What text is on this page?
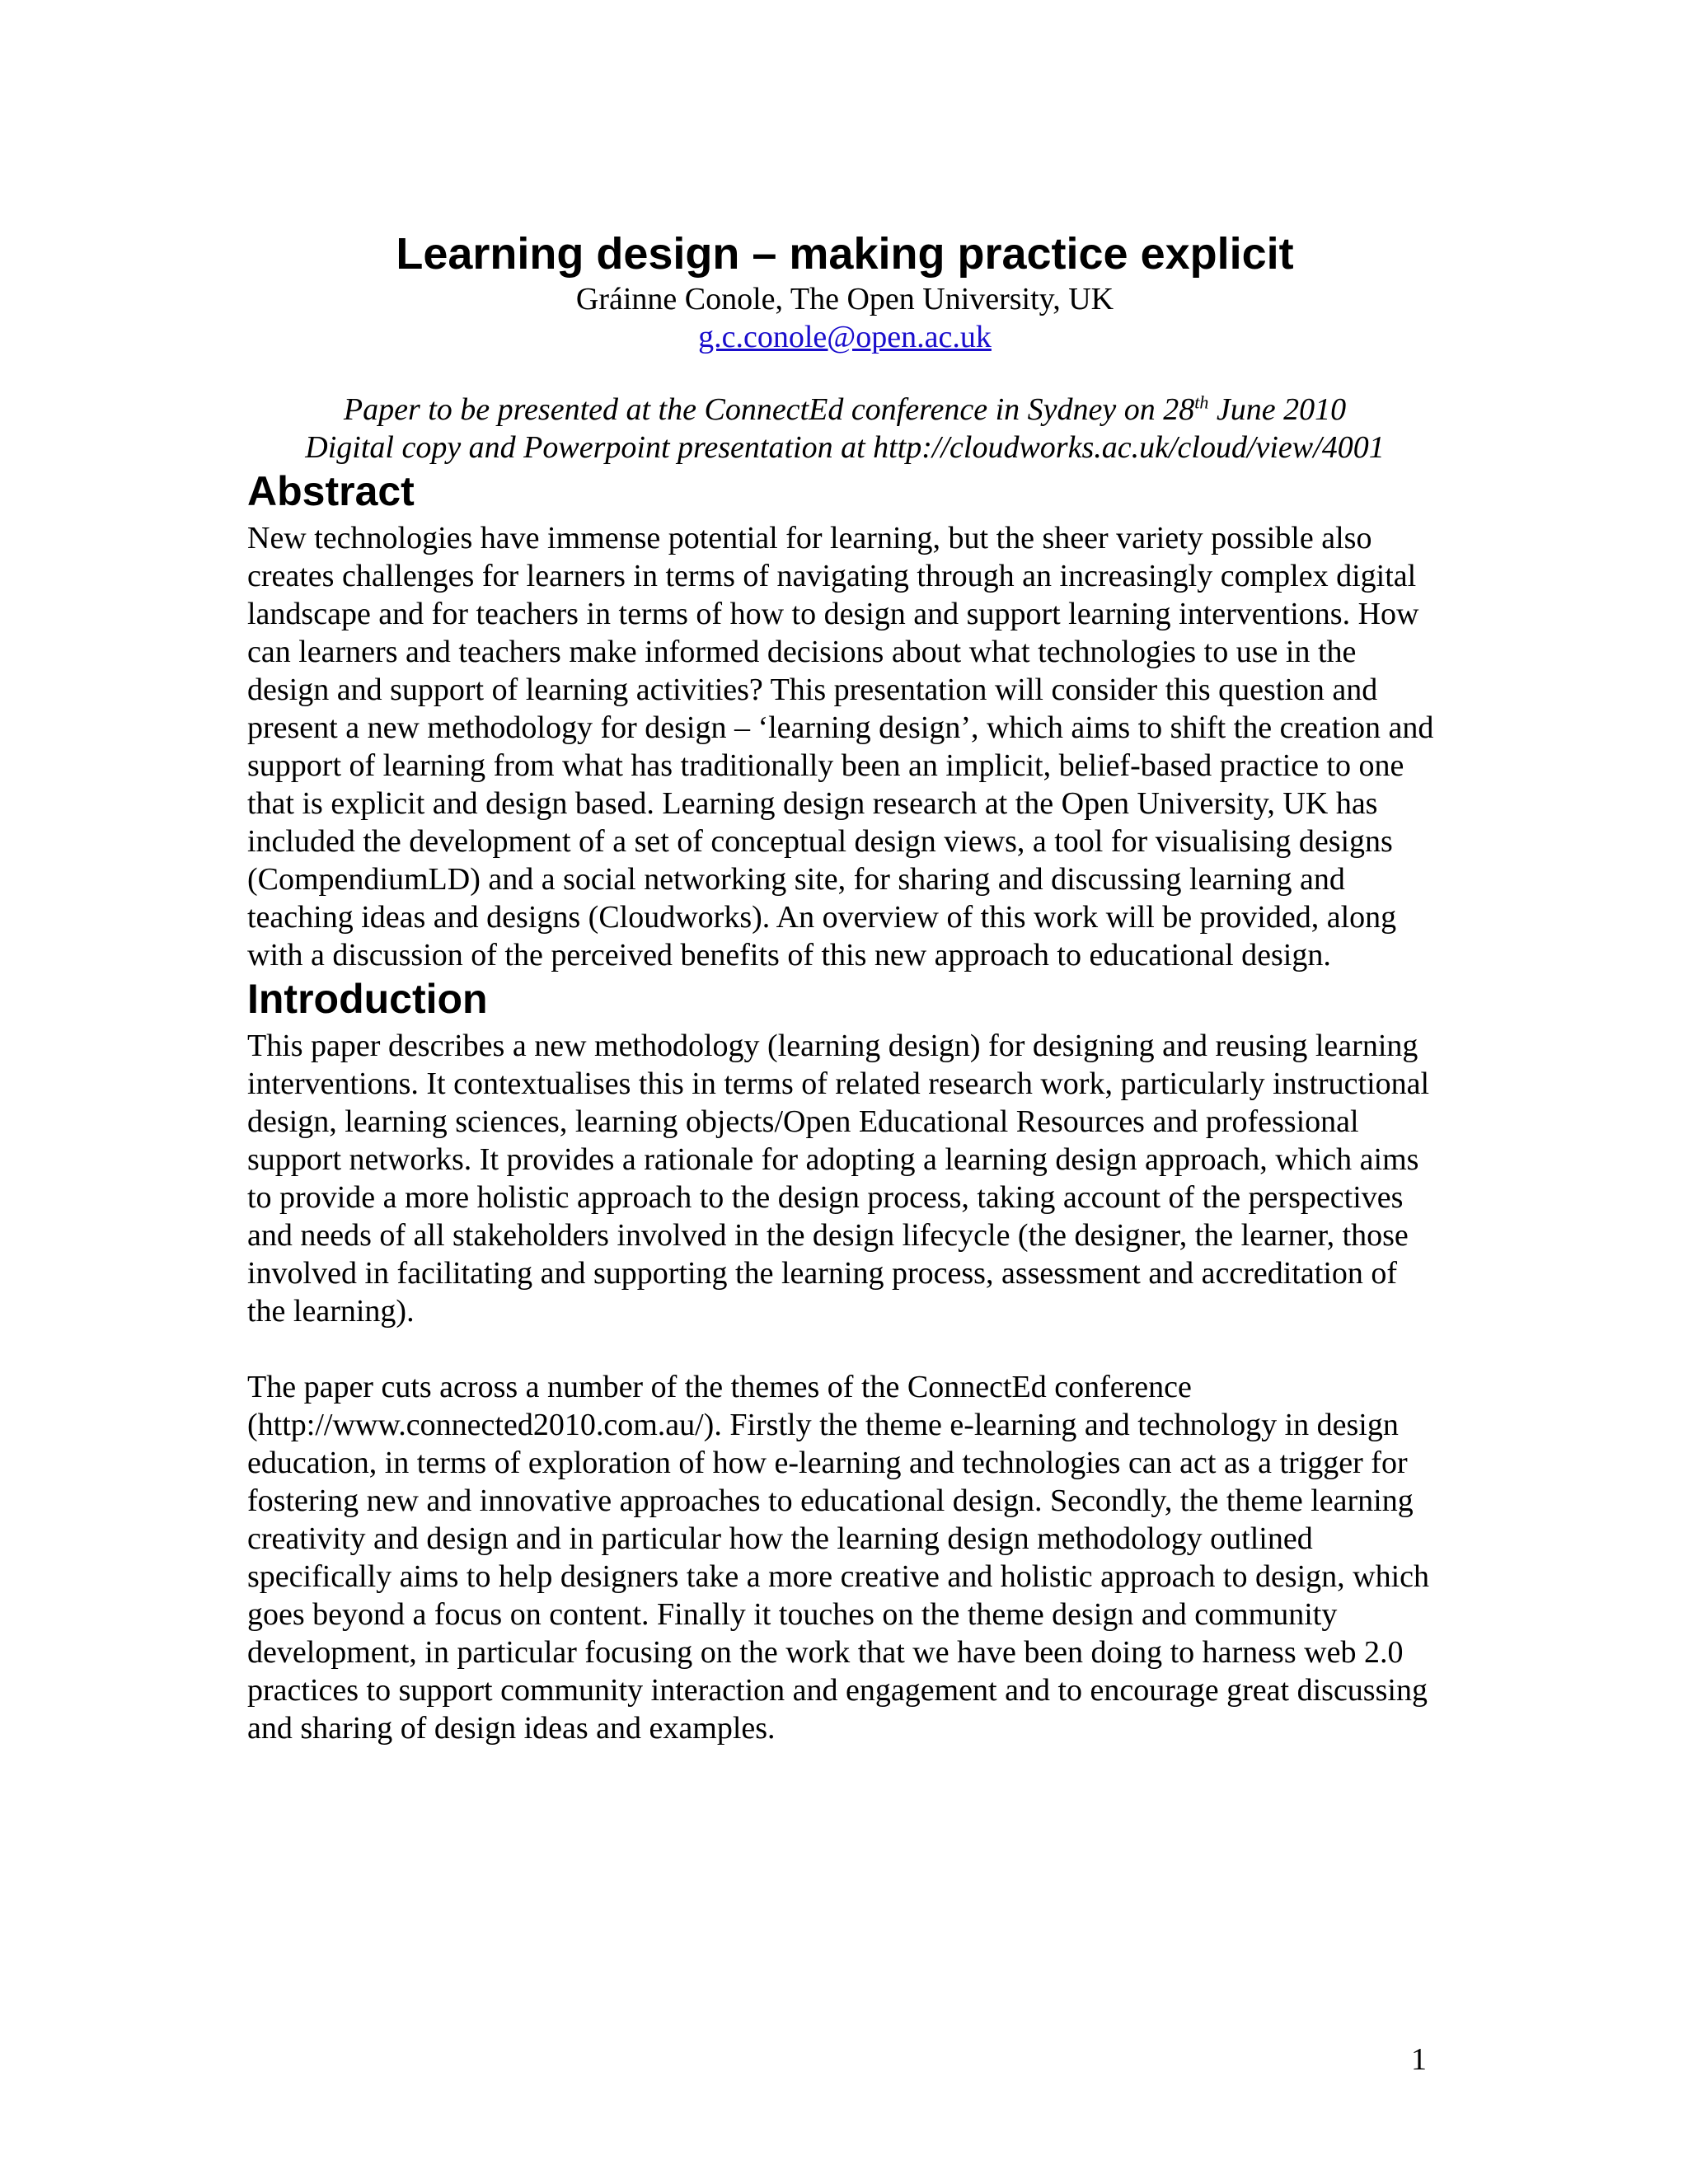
Learning design – making practice explicit

Gráinne Conole, The Open University, UK

g.c.conole@open.ac.uk

Paper to be presented at the ConnectEd conference in Sydney on 28th June 2010

Digital copy and Powerpoint presentation at http://cloudworks.ac.uk/cloud/view/4001

Abstract

New technologies have immense potential for learning, but the sheer variety possible also creates challenges for learners in terms of navigating through an increasingly complex digital landscape and for teachers in terms of how to design and support learning interventions. How can learners and teachers make informed decisions about what technologies to use in the design and support of learning activities? This presentation will consider this question and present a new methodology for design – ‘learning design’, which aims to shift the creation and support of learning from what has traditionally been an implicit, belief-based practice to one that is explicit and design based. Learning design research at the Open University, UK has included the development of a set of conceptual design views, a tool for visualising designs (CompendiumLD) and a social networking site, for sharing and discussing learning and teaching ideas and designs (Cloudworks). An overview of this work will be provided, along with a discussion of the perceived benefits of this new approach to educational design.

Introduction

This paper describes a new methodology (learning design) for designing and reusing learning interventions. It contextualises this in terms of related research work, particularly instructional design, learning sciences, learning objects/Open Educational Resources and professional support networks. It provides a rationale for adopting a learning design approach, which aims to provide a more holistic approach to the design process, taking account of the perspectives and needs of all stakeholders involved in the design lifecycle (the designer, the learner, those involved in facilitating and supporting the learning process, assessment and accreditation of the learning).

The paper cuts across a number of the themes of the ConnectEd conference (http://www.connected2010.com.au/). Firstly the theme e-learning and technology in design education, in terms of exploration of how e-learning and technologies can act as a trigger for fostering new and innovative approaches to educational design. Secondly, the theme learning creativity and design and in particular how the learning design methodology outlined specifically aims to help designers take a more creative and holistic approach to design, which goes beyond a focus on content. Finally it touches on the theme design and community development, in particular focusing on the work that we have been doing to harness web 2.0 practices to support community interaction and engagement and to encourage great discussing and sharing of design ideas and examples.

1
